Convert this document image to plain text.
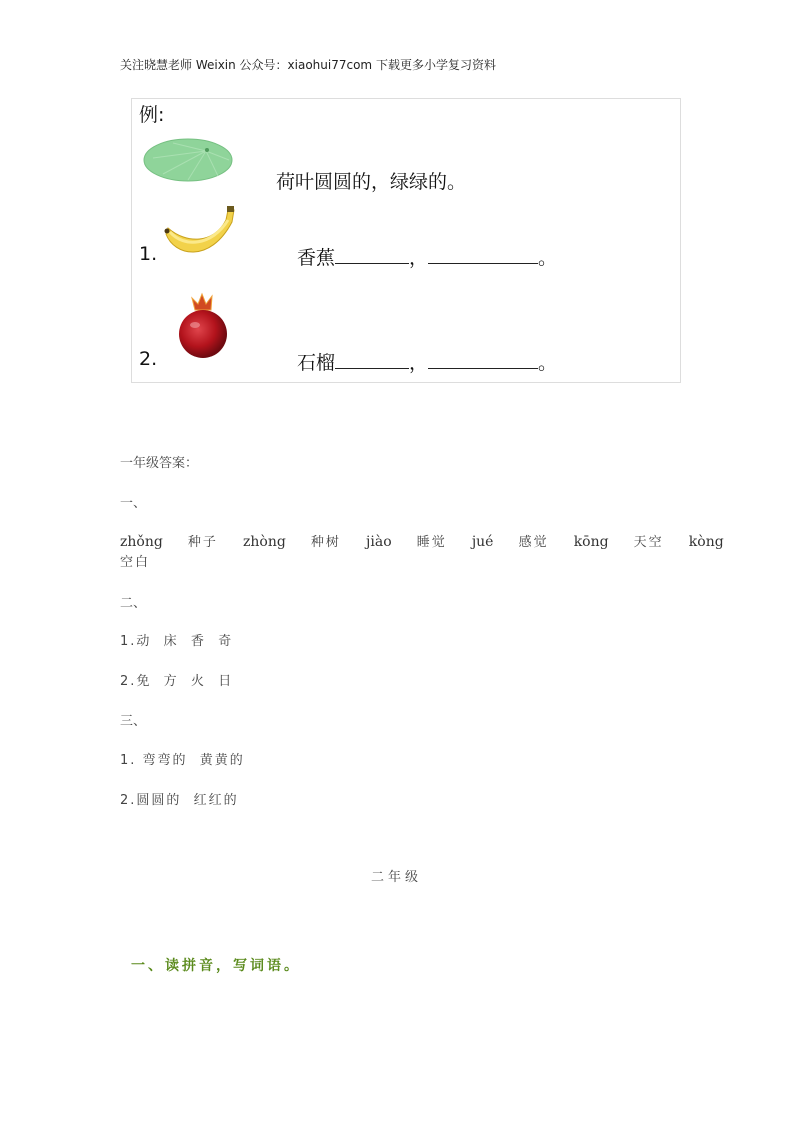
关注晓慧老师 Weixin 公众号：xiaohui77com 下载更多小学复习资料
例:
荷叶圆圆的，绿绿的。
1.	香蕉	，	。
2.	石榴	，	。
一年级答案：
一、
zhǒng 种子 zhòng 种树 jiào 睡觉 jué 感觉 kōng 天空 kòng
空白
二、
1.动  床  香  奇
2.免  方  火  日
三、
1. 弯弯的  黄黄的
2.圆圆的  红红的
二年级
一、读拼音，写词语。
